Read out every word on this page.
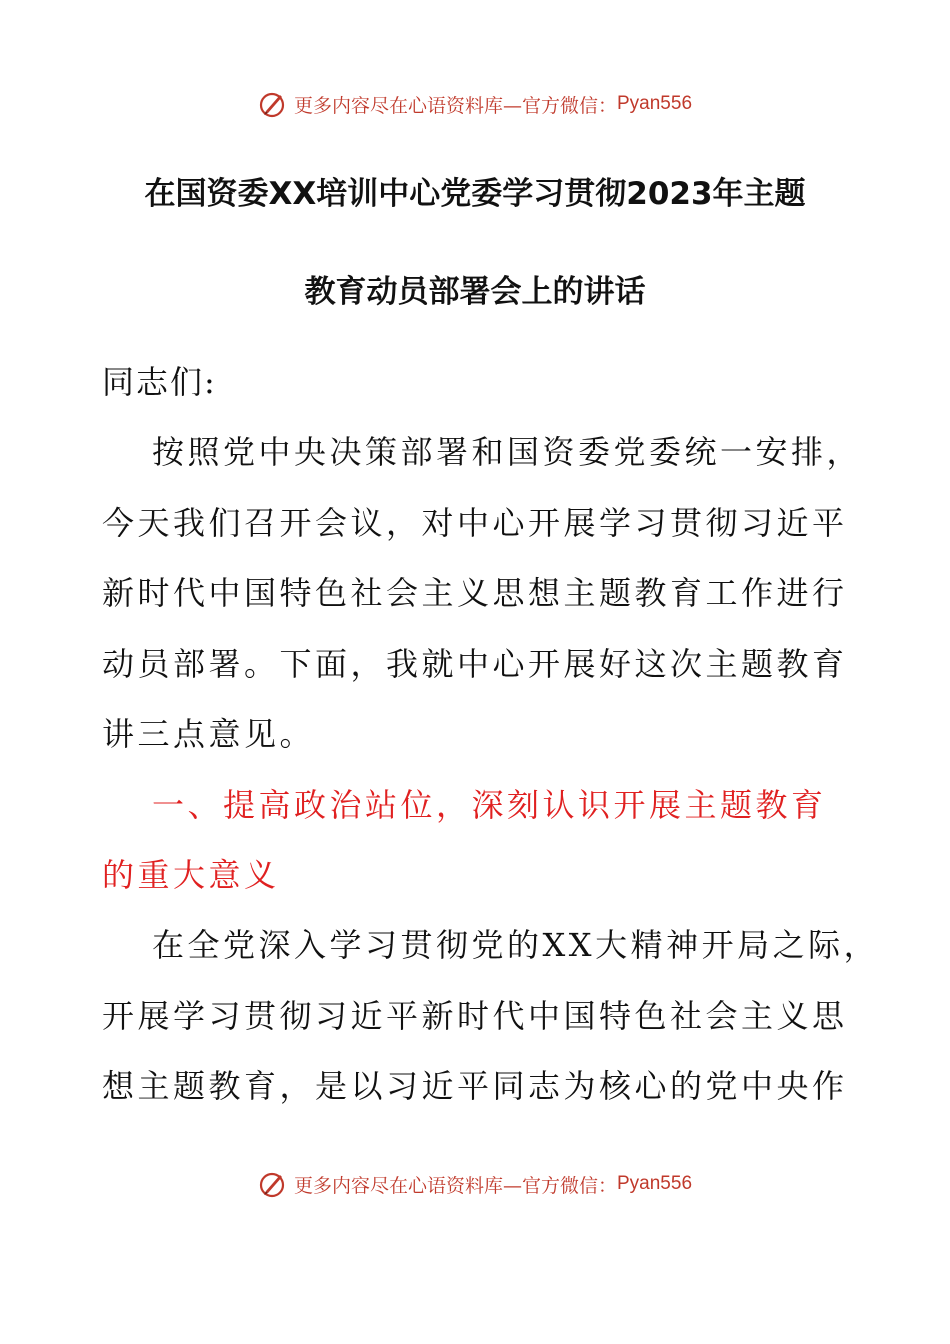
更多内容尽在心语资料库—官方微信： Pyan556
在国资委XX培训中心党委学习贯彻2023年主题
教育动员部署会上的讲话
同志们:
按照党中央决策部署和国资委党委统一安排，
今天我们召开会议，对中心开展学习贯彻习近平
新时代中国特色社会主义思想主题教育工作进行
动员部署。下面，我就中心开展好这次主题教育
讲三点意见。
一、提高政治站位，深刻认识开展主题教育
的重大意义
在全党深入学习贯彻党的XX大精神开局之际，
开展学习贯彻习近平新时代中国特色社会主义思
想主题教育，是以习近平同志为核心的党中央作
更多内容尽在心语资料库—官方微信： Pyan556
